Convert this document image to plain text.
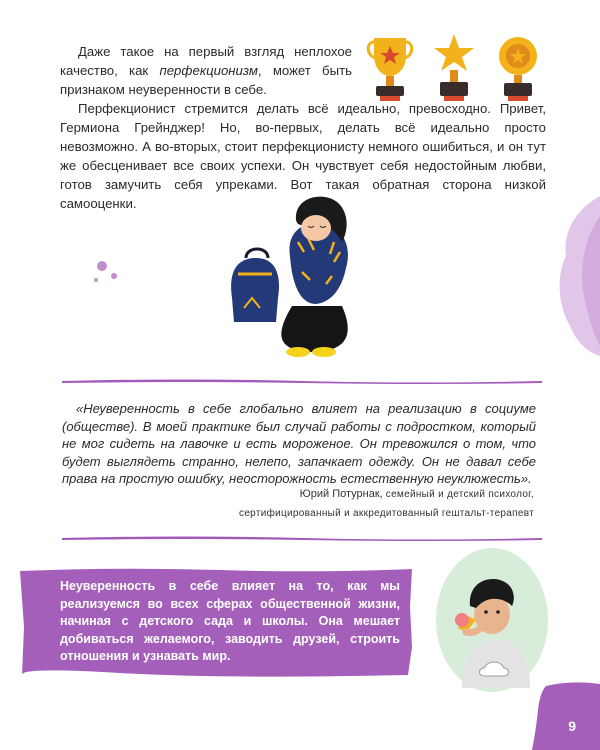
Даже такое на первый взгляд неплохое качество, как перфекционизм, может быть признаком неуверенности в себе.

Перфекционист стремится делать всё идеально, превосходно. Привет, Гермиона Грейнджер! Но, во-первых, делать всё идеально просто невозможно. А во-вторых, стоит перфекционисту немного ошибиться, и он тут же обесценивает все своих успехи. Он чувствует себя недостойным любви, готов замучить себя упреками. Вот такая обратная сторона низкой самооценки.

«Неуверенность в себе глобально влияет на реализацию в социуме (обществе). В моей практике был случай работы с подростком, который не мог сидеть на лавочке и есть мороженое. Он тревожился о том, что будет выглядеть странно, нелепо, запачкает одежду. Он не давал себе права на простую ошибку, неосторожность естественную неуклюжесть».

Юрий Потурнак, семейный и детский психолог,
сертифицированный и аккредитованный гештальт-терапевт

Неуверенность в себе влияет на то, как мы реализуемся во всех сферах общественной жизни, начиная с детского сада и школы. Она мешает добиваться желаемого, заводить друзей, строить отношения и узнавать мир.

9
